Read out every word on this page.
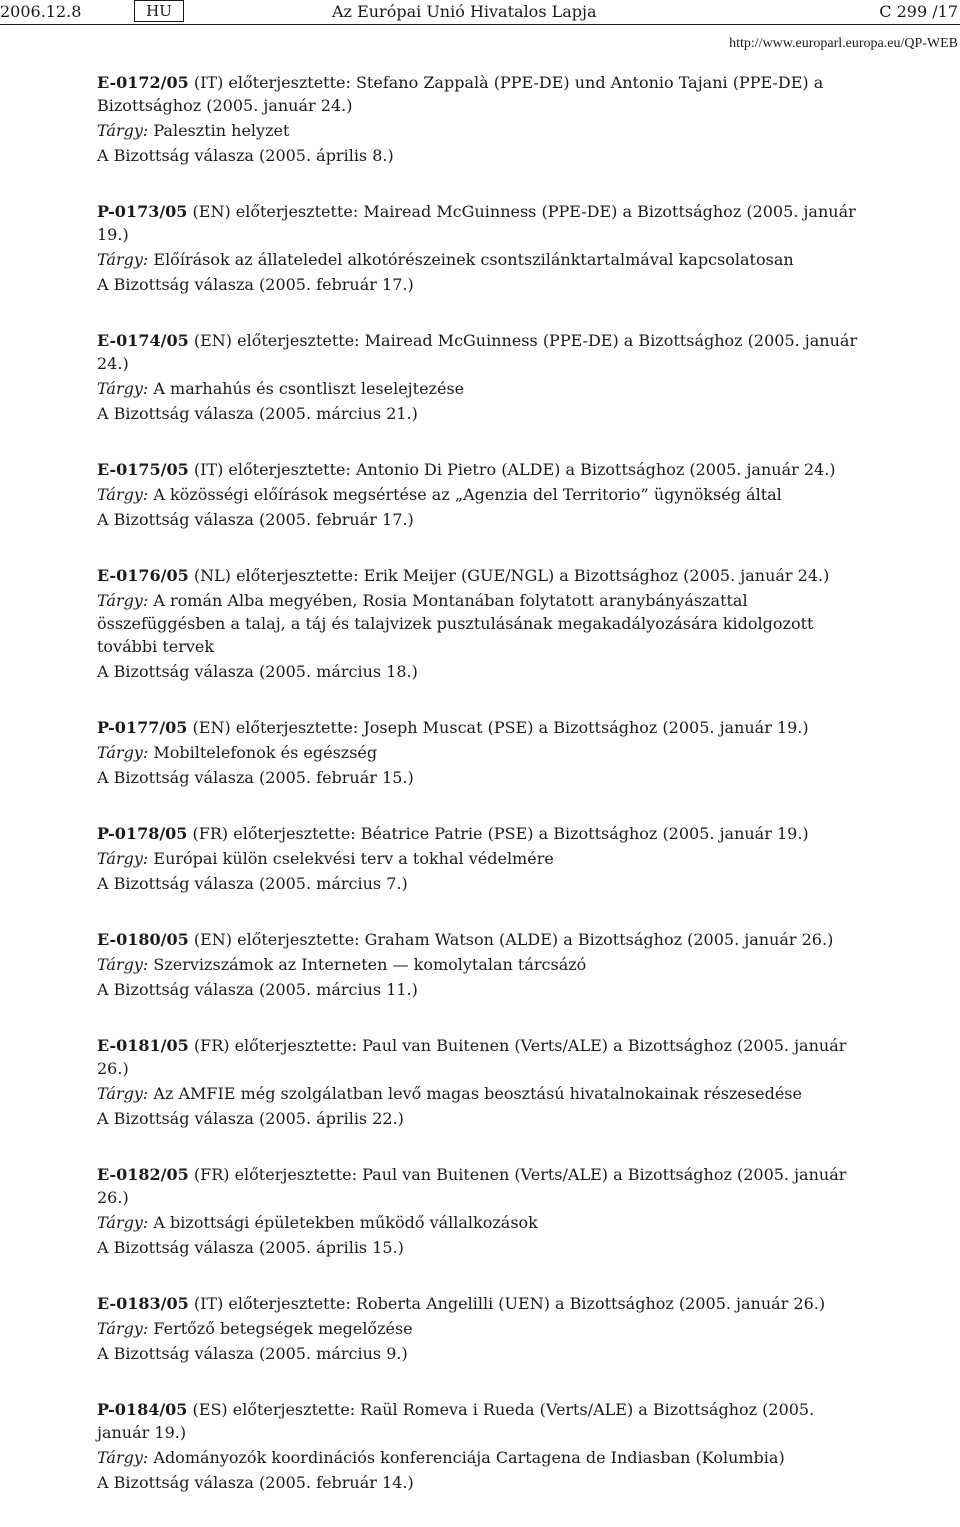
2006.12.8	HU	Az Európai Unió Hivatalos Lapja	C 299 /17
http://www.europarl.europa.eu/QP-WEB

E-0172/05 (IT) előterjesztette: Stefano Zappalà (PPE-DE) und Antonio Tajani (PPE-DE) a Bizottsághoz (2005. január 24.)

Tárgy: Palesztin helyzet

A Bizottság válasza (2005. április 8.)

P-0173/05 (EN) előterjesztette: Mairead McGuinness (PPE-DE) a Bizottsághoz (2005. január 19.)

Tárgy: Előírások az állateledel alkotórészeinek csontszilánktartalmával kapcsolatosan

A Bizottság válasza (2005. február 17.)

E-0174/05 (EN) előterjesztette: Mairead McGuinness (PPE-DE) a Bizottsághoz (2005. január 24.)

Tárgy: A marhahús és csontliszt leselejtezése

A Bizottság válasza (2005. március 21.)

E-0175/05 (IT) előterjesztette: Antonio Di Pietro (ALDE) a Bizottsághoz (2005. január 24.)

Tárgy: A közösségi előírások megsértése az „Agenzia del Territorio” ügynökség által

A Bizottság válasza (2005. február 17.)

E-0176/05 (NL) előterjesztette: Erik Meijer (GUE/NGL) a Bizottsághoz (2005. január 24.)

Tárgy: A román Alba megyében, Rosia Montanában folytatott aranybányászattal összefüggésben a talaj, a táj és talajvizek pusztulásának megakadályozására kidolgozott további tervek

A Bizottság válasza (2005. március 18.)

P-0177/05 (EN) előterjesztette: Joseph Muscat (PSE) a Bizottsághoz (2005. január 19.)

Tárgy: Mobiltelefonok és egészség

A Bizottság válasza (2005. február 15.)

P-0178/05 (FR) előterjesztette: Béatrice Patrie (PSE) a Bizottsághoz (2005. január 19.)

Tárgy: Európai külön cselekvési terv a tokhal védelmére

A Bizottság válasza (2005. március 7.)

E-0180/05 (EN) előterjesztette: Graham Watson (ALDE) a Bizottsághoz (2005. január 26.)

Tárgy: Szervizszámok az Interneten — komolytalan tárcsázó

A Bizottság válasza (2005. március 11.)

E-0181/05 (FR) előterjesztette: Paul van Buitenen (Verts/ALE) a Bizottsághoz (2005. január 26.)

Tárgy: Az AMFIE még szolgálatban levő magas beosztású hivatalnokainak részesedése

A Bizottság válasza (2005. április 22.)

E-0182/05 (FR) előterjesztette: Paul van Buitenen (Verts/ALE) a Bizottsághoz (2005. január 26.)

Tárgy: A bizottsági épületekben működő vállalkozások

A Bizottság válasza (2005. április 15.)

E-0183/05 (IT) előterjesztette: Roberta Angelilli (UEN) a Bizottsághoz (2005. január 26.)

Tárgy: Fertőző betegségek megelőzése

A Bizottság válasza (2005. március 9.)

P-0184/05 (ES) előterjesztette: Raül Romeva i Rueda (Verts/ALE) a Bizottsághoz (2005. január 19.)

Tárgy: Adományozók koordinációs konferenciája Cartagena de Indiasban (Kolumbia)

A Bizottság válasza (2005. február 14.)
